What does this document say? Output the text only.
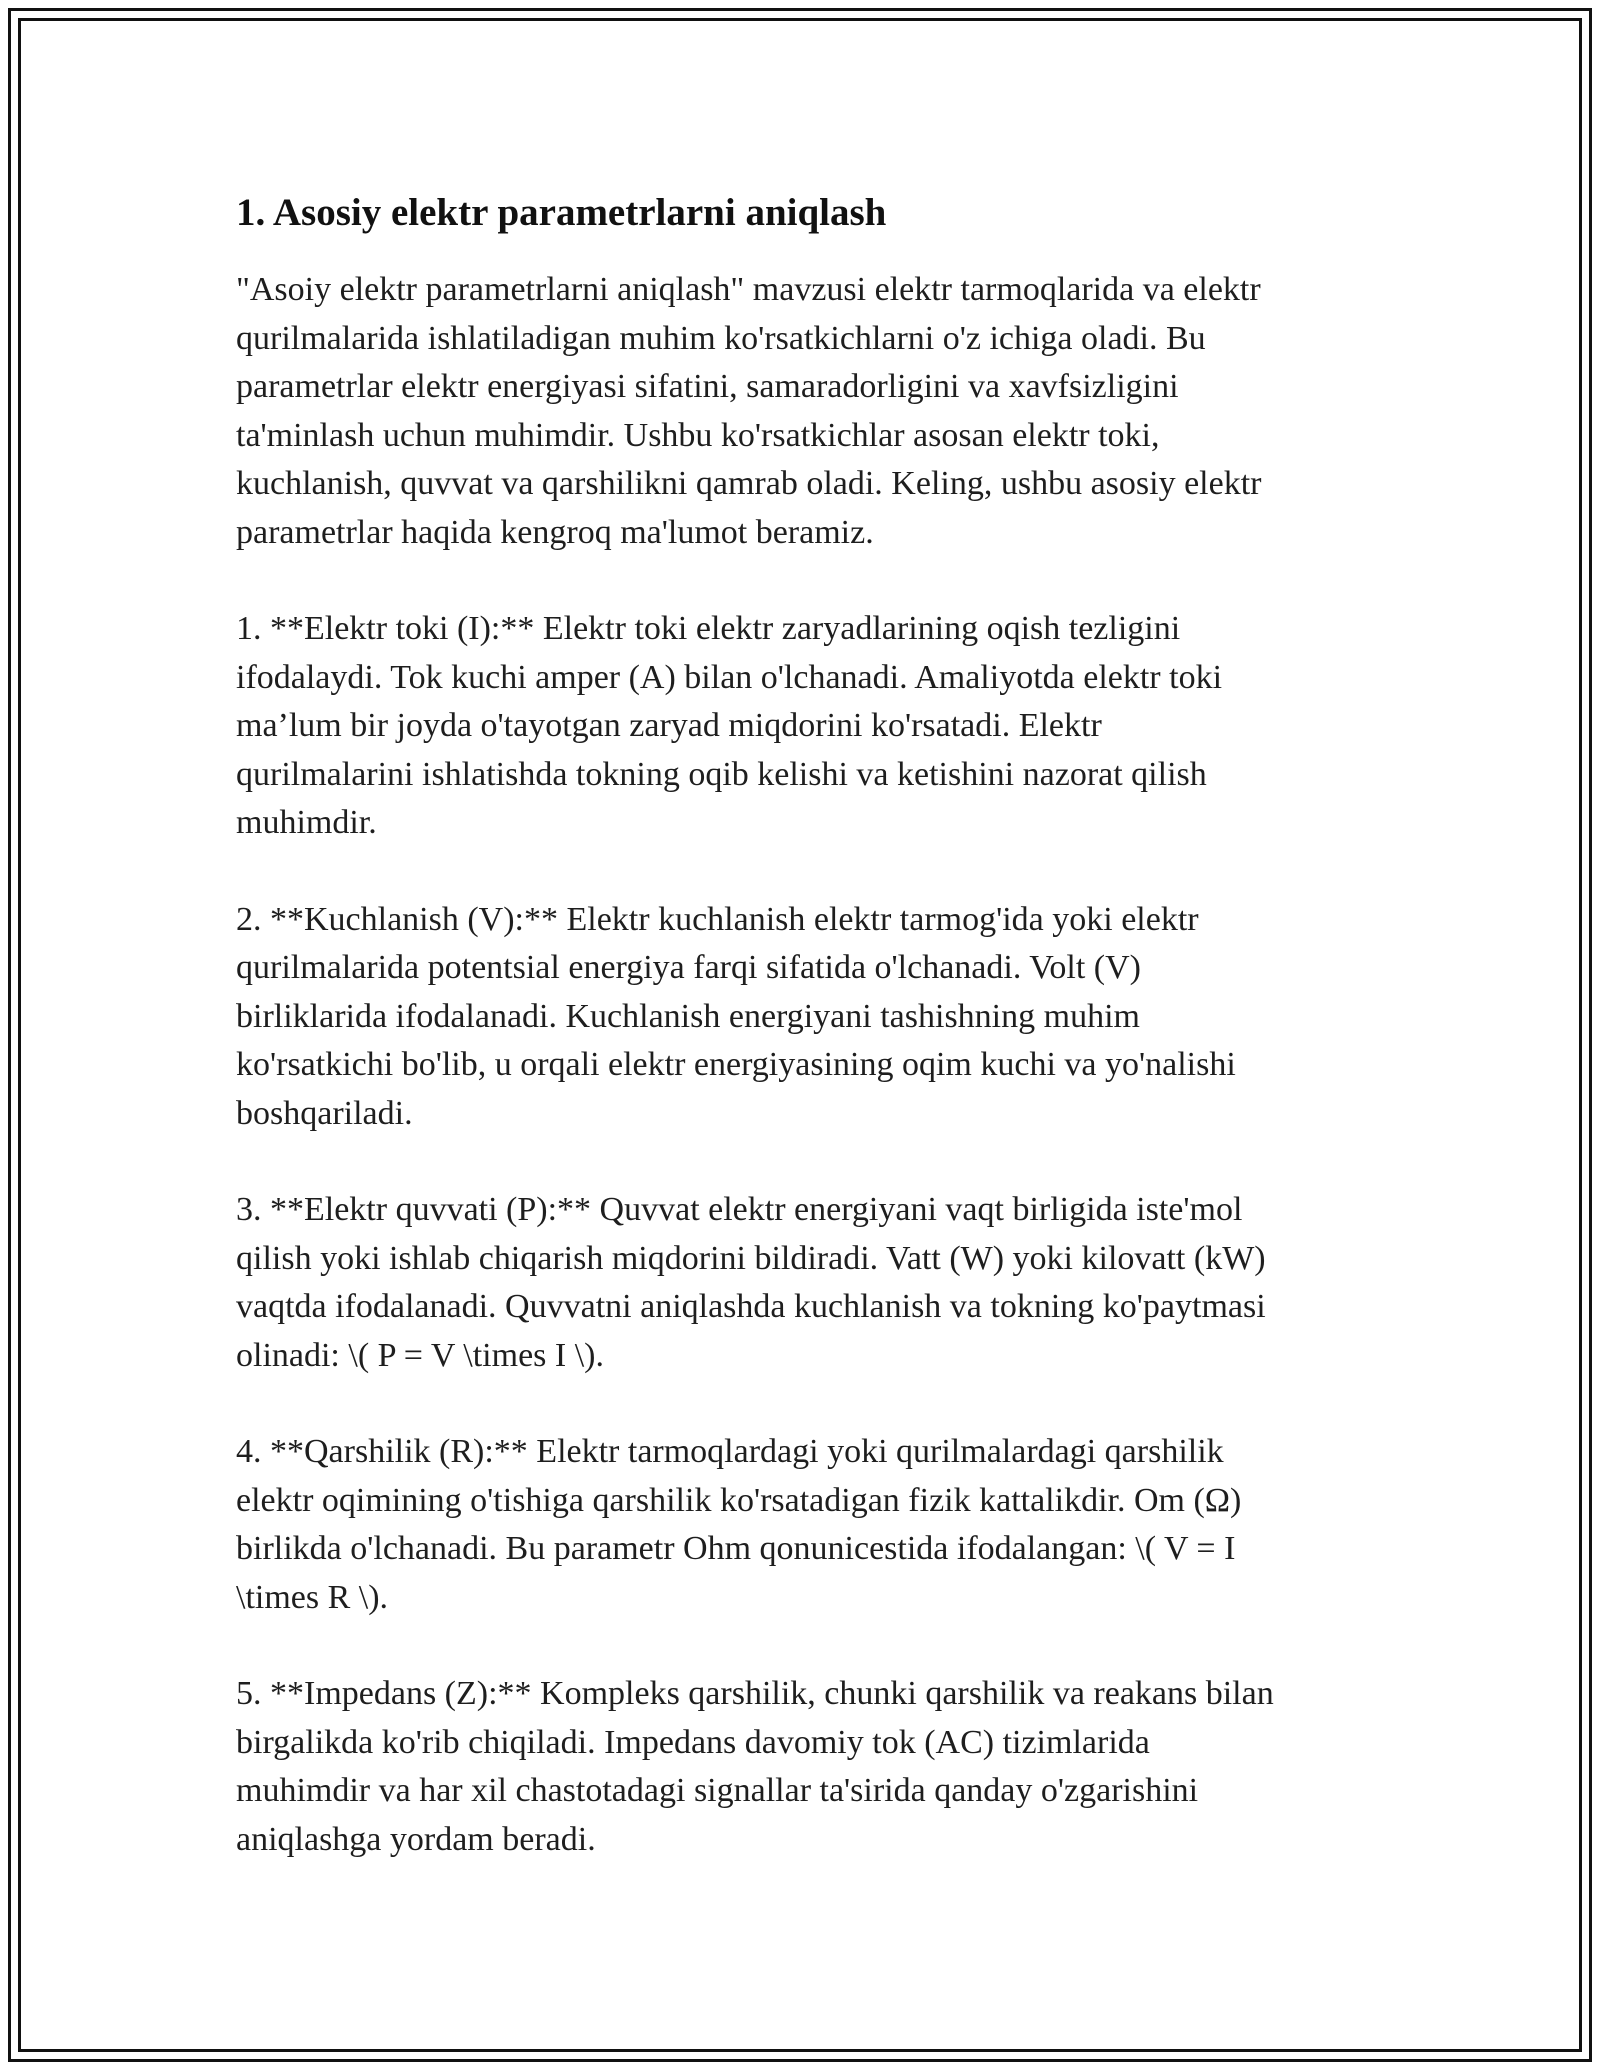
1. Asosiy elektr parametrlarni aniqlash

"Asoiy elektr parametrlarni aniqlash" mavzusi elektr tarmoqlarida va elektr
qurilmalarida ishlatiladigan muhim ko'rsatkichlarni o'z ichiga oladi. Bu
parametrlar elektr energiyasi sifatini, samaradorligini va xavfsizligini
ta'minlash uchun muhimdir. Ushbu ko'rsatkichlar asosan elektr toki,
kuchlanish, quvvat va qarshilikni qamrab oladi. Keling, ushbu asosiy elektr
parametrlar haqida kengroq ma'lumot beramiz.

1. **Elektr toki (I):** Elektr toki elektr zaryadlarining oqish tezligini
ifodalaydi. Tok kuchi amper (A) bilan o'lchanadi. Amaliyotda elektr toki
ma’lum bir joyda o'tayotgan zaryad miqdorini ko'rsatadi. Elektr
qurilmalarini ishlatishda tokning oqib kelishi va ketishini nazorat qilish
muhimdir.

2. **Kuchlanish (V):** Elektr kuchlanish elektr tarmog'ida yoki elektr
qurilmalarida potentsial energiya farqi sifatida o'lchanadi. Volt (V)
birliklarida ifodalanadi. Kuchlanish energiyani tashishning muhim
ko'rsatkichi bo'lib, u orqali elektr energiyasining oqim kuchi va yo'nalishi
boshqariladi.

3. **Elektr quvvati (P):** Quvvat elektr energiyani vaqt birligida iste'mol
qilish yoki ishlab chiqarish miqdorini bildiradi. Vatt (W) yoki kilovatt (kW)
vaqtda ifodalanadi. Quvvatni aniqlashda kuchlanish va tokning ko'paytmasi
olinadi: \( P = V \times I \).

4. **Qarshilik (R):** Elektr tarmoqlardagi yoki qurilmalardagi qarshilik
elektr oqimining o'tishiga qarshilik ko'rsatadigan fizik kattalikdir. Om (Ω)
birlikda o'lchanadi. Bu parametr Ohm qonunicestida ifodalangan: \( V = I
\times R \).

5. **Impedans (Z):** Kompleks qarshilik, chunki qarshilik va reakans bilan
birgalikda ko'rib chiqiladi. Impedans davomiy tok (AC) tizimlarida
muhimdir va har xil chastotadagi signallar ta'sirida qanday o'zgarishini
aniqlashga yordam beradi.
